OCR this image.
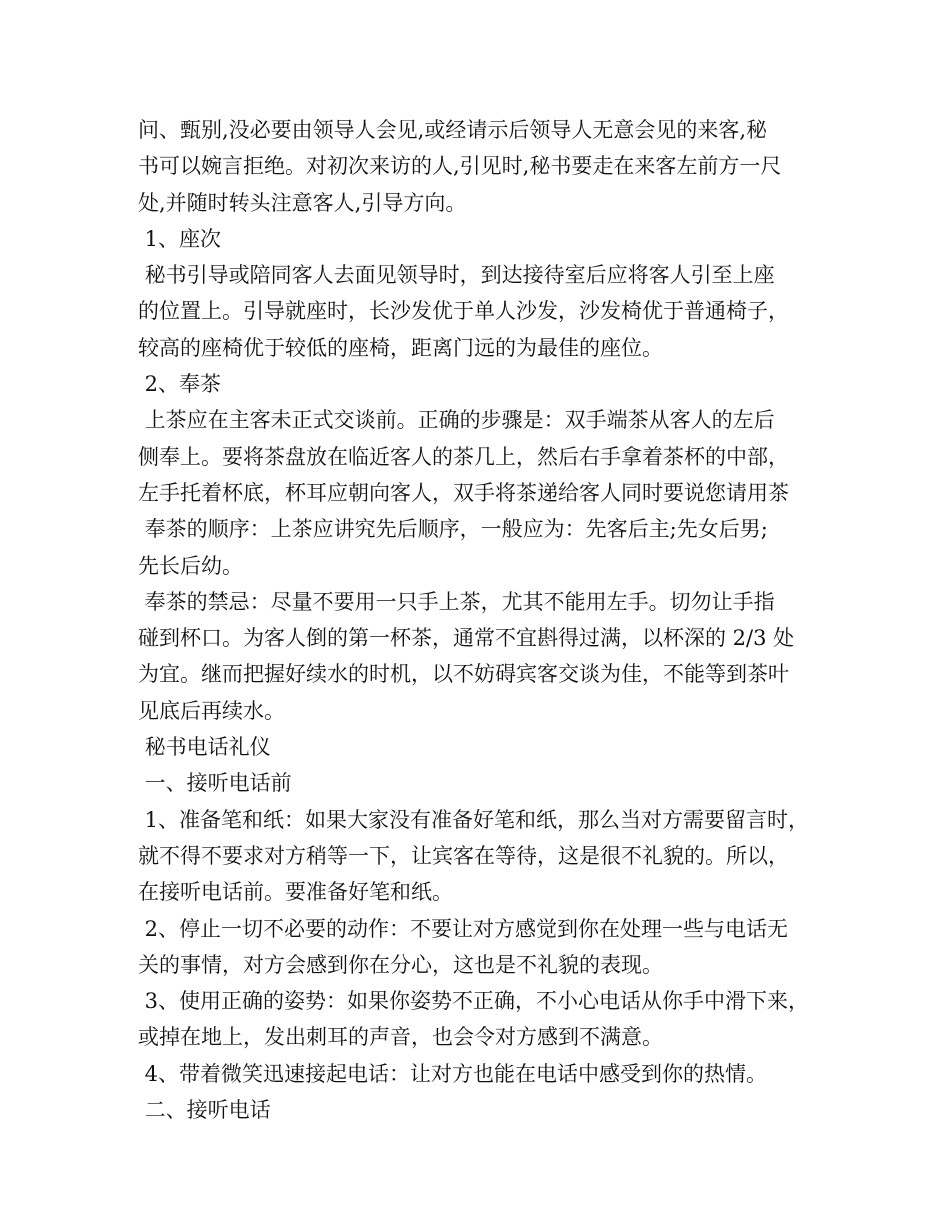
问、甄别,没必要由领导人会见,或经请示后领导人无意会见的来客,秘
书可以婉言拒绝。对初次来访的人,引见时,秘书要走在来客左前方一尺
处,并随时转头注意客人,引导方向。
1、座次
秘书引导或陪同客人去面见领导时，到达接待室后应将客人引至上座
的位置上。引导就座时，长沙发优于单人沙发，沙发椅优于普通椅子，
较高的座椅优于较低的座椅，距离门远的为最佳的座位。
2、奉茶
上茶应在主客未正式交谈前。正确的步骤是：双手端茶从客人的左后
侧奉上。要将茶盘放在临近客人的茶几上，然后右手拿着茶杯的中部，
左手托着杯底，杯耳应朝向客人，双手将茶递给客人同时要说您请用茶
奉茶的顺序：上茶应讲究先后顺序，一般应为：先客后主;先女后男;
先长后幼。
奉茶的禁忌：尽量不要用一只手上茶，尤其不能用左手。切勿让手指
碰到杯口。为客人倒的第一杯茶，通常不宜斟得过满，以杯深的 2/3 处
为宜。继而把握好续水的时机，以不妨碍宾客交谈为佳，不能等到茶叶
见底后再续水。
秘书电话礼仪
一、接听电话前
1、准备笔和纸：如果大家没有准备好笔和纸，那么当对方需要留言时，
就不得不要求对方稍等一下，让宾客在等待，这是很不礼貌的。所以，
在接听电话前。要准备好笔和纸。
2、停止一切不必要的动作：不要让对方感觉到你在处理一些与电话无
关的事情，对方会感到你在分心，这也是不礼貌的表现。
3、使用正确的姿势：如果你姿势不正确，不小心电话从你手中滑下来，
或掉在地上，发出刺耳的声音，也会令对方感到不满意。
4、带着微笑迅速接起电话：让对方也能在电话中感受到你的热情。
二、接听电话
